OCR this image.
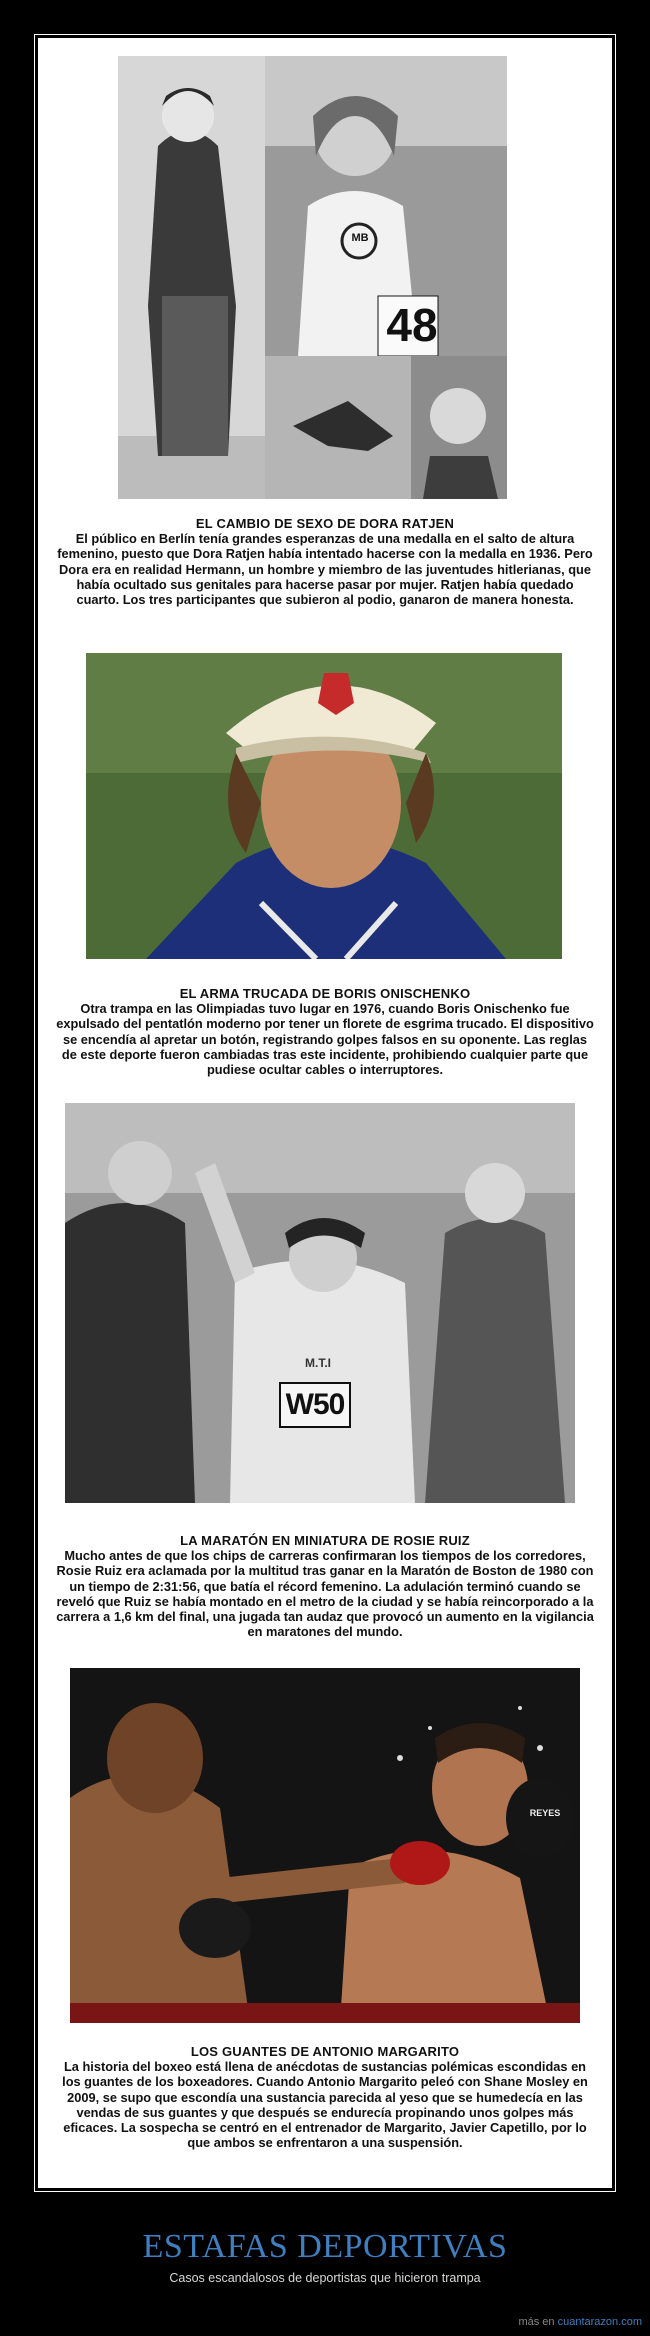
48
MB
EL CAMBIO DE SEXO DE DORA RATJEN

El público en Berlín tenía grandes esperanzas de una medalla en el salto de altura femenino, puesto que Dora Ratjen había intentado hacerse con la medalla en 1936. Pero Dora era en realidad Hermann, un hombre y miembro de las juventudes hitlerianas, que había ocultado sus genitales para hacerse pasar por mujer. Ratjen había quedado cuarto. Los tres participantes que subieron al podio, ganaron de manera honesta.

EL ARMA TRUCADA DE BORIS ONISCHENKO

Otra trampa en las Olimpiadas tuvo lugar en 1976, cuando Boris Onischenko fue expulsado del pentatlón moderno por tener un florete de esgrima trucado. El dispositivo se encendía al apretar un botón, registrando golpes falsos en su oponente. Las reglas de este deporte fueron cambiadas tras este incidente, prohibiendo cualquier parte que pudiese ocultar cables o interruptores.

W50
M.T.I
LA MARATÓN EN MINIATURA DE ROSIE RUIZ

Mucho antes de que los chips de carreras confirmaran los tiempos de los corredores, Rosie Ruiz era aclamada por la multitud tras ganar en la Maratón de Boston de 1980 con un tiempo de 2:31:56, que batía el récord femenino. La adulación terminó cuando se reveló que Ruiz se había montado en el metro de la ciudad y se había reincorporado a la carrera a 1,6 km del final, una jugada tan audaz que provocó un aumento en la vigilancia en maratones del mundo.

REYES
LOS GUANTES DE ANTONIO MARGARITO

La historia del boxeo está llena de anécdotas de sustancias polémicas escondidas en los guantes de los boxeadores. Cuando Antonio Margarito peleó con Shane Mosley en 2009, se supo que escondía una sustancia parecida al yeso que se humedecía en las vendas de sus guantes y que después se endurecía propinando unos golpes más eficaces. La sospecha se centró en el entrenador de Margarito, Javier Capetillo, por lo que ambos se enfrentaron a una suspensión.

ESTAFAS DEPORTIVAS
Casos escandalosos de deportistas que hicieron trampa
más en cuantarazon.com
